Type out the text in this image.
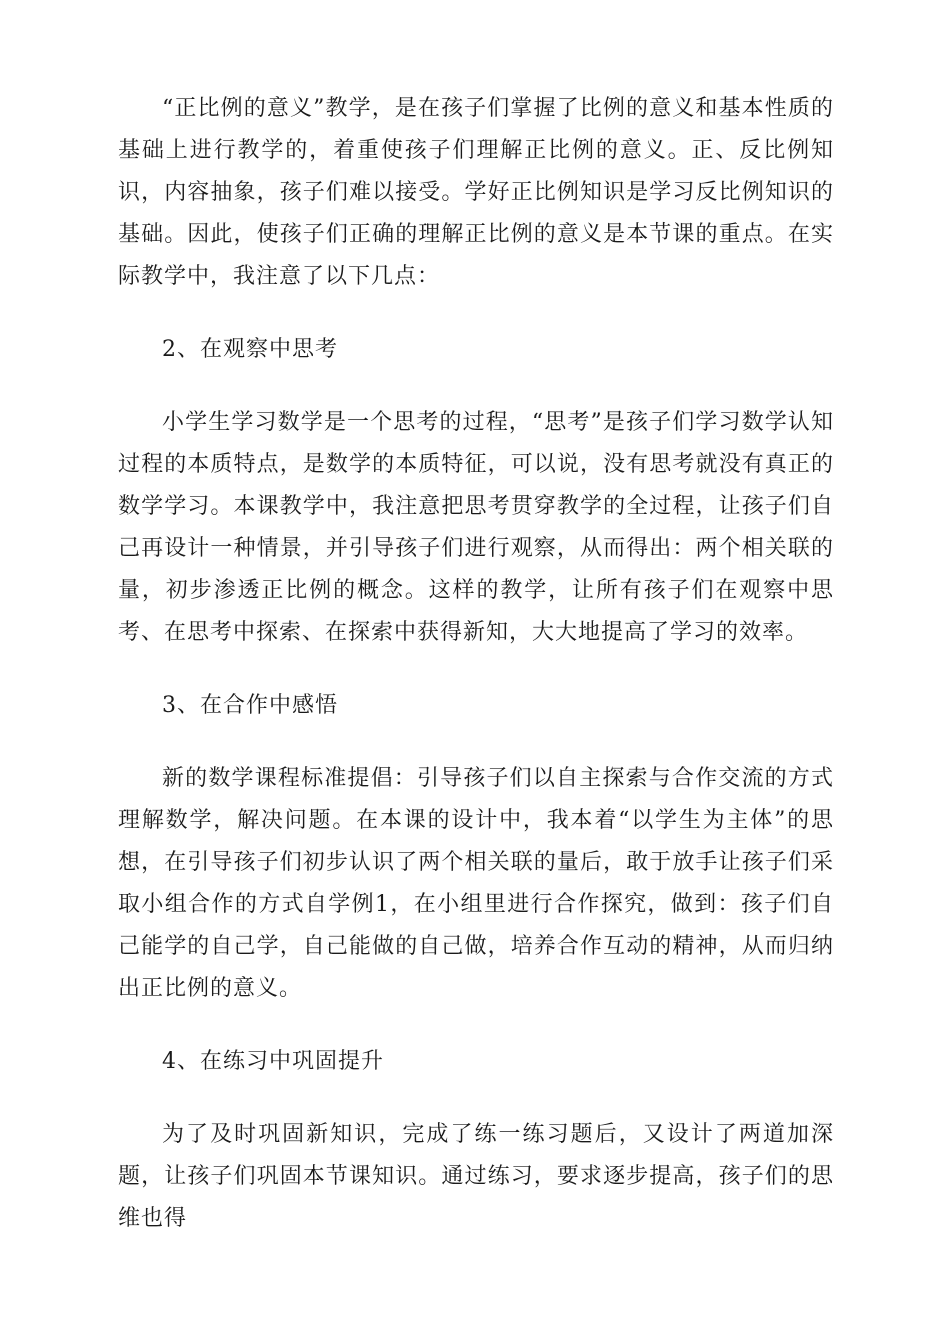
“正比例的意义”教学，是在孩子们掌握了比例的意义和基本性质的基础上进行教学的，着重使孩子们理解正比例的意义。正、反比例知识，内容抽象，孩子们难以接受。学好正比例知识是学习反比例知识的基础。因此，使孩子们正确的理解正比例的意义是本节课的重点。在实际教学中，我注意了以下几点：

2、在观察中思考

小学生学习数学是一个思考的过程，“思考”是孩子们学习数学认知过程的本质特点，是数学的本质特征，可以说，没有思考就没有真正的数学学习。本课教学中，我注意把思考贯穿教学的全过程，让孩子们自己再设计一种情景，并引导孩子们进行观察，从而得出：两个相关联的量，初步渗透正比例的概念。这样的教学，让所有孩子们在观察中思考、在思考中探索、在探索中获得新知，大大地提高了学习的效率。

3、在合作中感悟

新的数学课程标准提倡：引导孩子们以自主探索与合作交流的方式理解数学，解决问题。在本课的设计中，我本着“以学生为主体”的思想，在引导孩子们初步认识了两个相关联的量后，敢于放手让孩子们采取小组合作的方式自学例1，在小组里进行合作探究，做到：孩子们自己能学的自己学，自己能做的自己做，培养合作互动的精神，从而归纳出正比例的意义。

4、在练习中巩固提升

为了及时巩固新知识，完成了练一练习题后，又设计了两道加深题，让孩子们巩固本节课知识。通过练习，要求逐步提高，孩子们的思维也得
